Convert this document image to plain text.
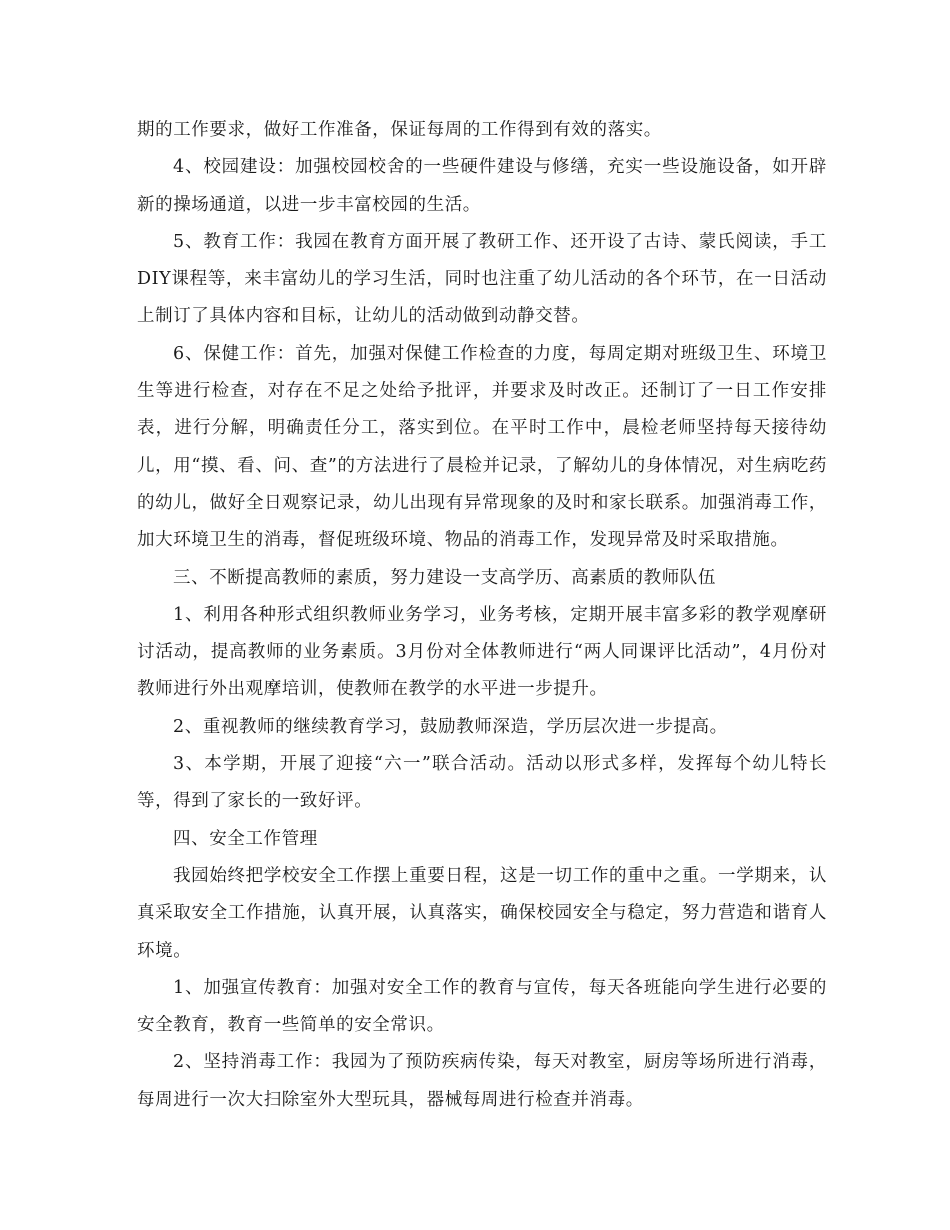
期的工作要求，做好工作准备，保证每周的工作得到有效的落实。

4、校园建设：加强校园校舍的一些硬件建设与修缮，充实一些设施设备，如开辟新的操场通道，以进一步丰富校园的生活。

5、教育工作：我园在教育方面开展了教研工作、还开设了古诗、蒙氏阅读，手工DIY课程等，来丰富幼儿的学习生活，同时也注重了幼儿活动的各个环节，在一日活动上制订了具体内容和目标，让幼儿的活动做到动静交替。

6、保健工作：首先，加强对保健工作检查的力度，每周定期对班级卫生、环境卫生等进行检查，对存在不足之处给予批评，并要求及时改正。还制订了一日工作安排表，进行分解，明确责任分工，落实到位。在平时工作中，晨检老师坚持每天接待幼儿，用“摸、看、问、查”的方法进行了晨检并记录，了解幼儿的身体情况，对生病吃药的幼儿，做好全日观察记录，幼儿出现有异常现象的及时和家长联系。加强消毒工作，加大环境卫生的消毒，督促班级环境、物品的消毒工作，发现异常及时采取措施。

三、不断提高教师的素质，努力建设一支高学历、高素质的教师队伍

1、利用各种形式组织教师业务学习，业务考核，定期开展丰富多彩的教学观摩研讨活动，提高教师的业务素质。3月份对全体教师进行“两人同课评比活动”，4月份对教师进行外出观摩培训，使教师在教学的水平进一步提升。

2、重视教师的继续教育学习，鼓励教师深造，学历层次进一步提高。

3、本学期，开展了迎接“六一”联合活动。活动以形式多样，发挥每个幼儿特长等，得到了家长的一致好评。

四、安全工作管理

我园始终把学校安全工作摆上重要日程，这是一切工作的重中之重。一学期来，认真采取安全工作措施，认真开展，认真落实，确保校园安全与稳定，努力营造和谐育人环境。

1、加强宣传教育：加强对安全工作的教育与宣传，每天各班能向学生进行必要的安全教育，教育一些简单的安全常识。

2、坚持消毒工作：我园为了预防疾病传染，每天对教室，厨房等场所进行消毒，每周进行一次大扫除室外大型玩具，器械每周进行检查并消毒。
